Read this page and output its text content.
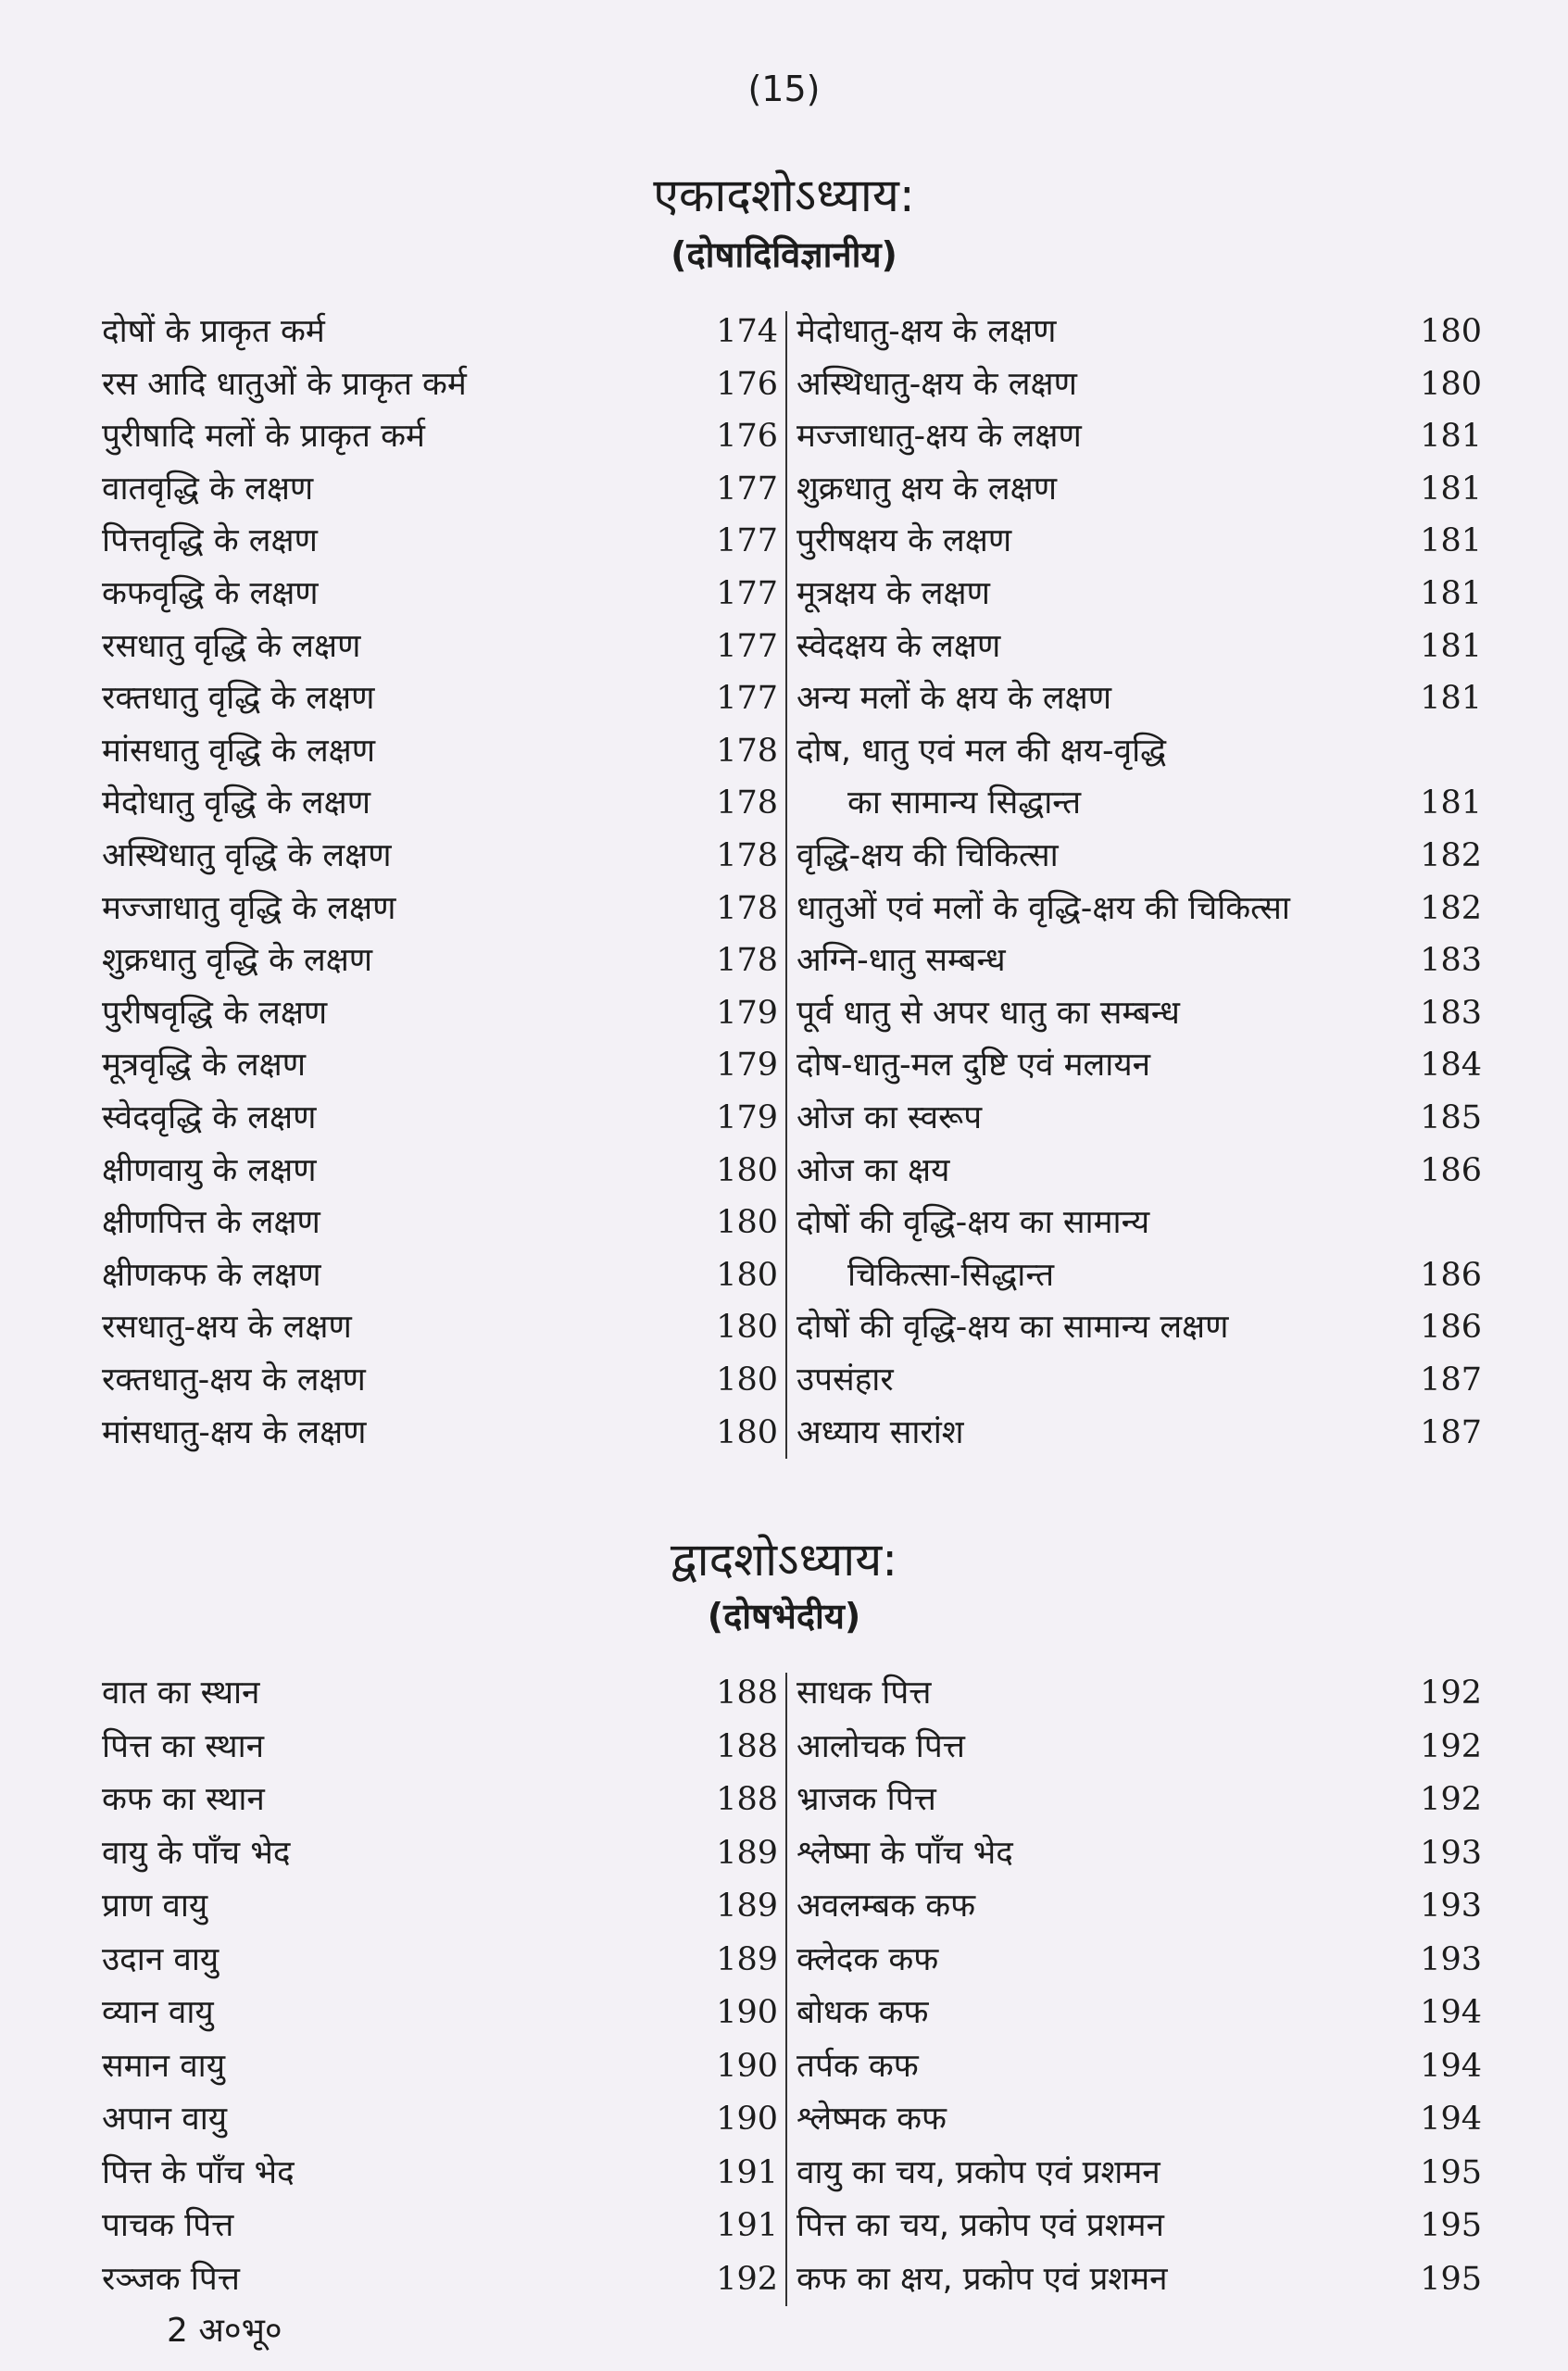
(15)
एकादशोऽध्याय:
(दोषादिविज्ञानीय)
दोषों के प्राकृत कर्म	174 मेदोधातु-क्षय के लक्षण	180
रस आदि धातुओं के प्राकृत कर्म	176 अस्थिधातु-क्षय के लक्षण	180
पुरीषादि मलों के प्राकृत कर्म	176 मज्जाधातु-क्षय के लक्षण	181
वातवृद्धि के लक्षण	177 शुक्रधातु क्षय के लक्षण	181
पित्तवृद्धि के लक्षण	177 पुरीषक्षय के लक्षण	181
कफवृद्धि के लक्षण	177 मूत्रक्षय के लक्षण	181
रसधातु वृद्धि के लक्षण	177 स्वेदक्षय के लक्षण	181
रक्तधातु वृद्धि के लक्षण	177 अन्य मलों के क्षय के लक्षण	181
मांसधातु वृद्धि के लक्षण	178 दोष, धातु एवं मल की क्षय-वृद्धि
मेदोधातु वृद्धि के लक्षण	178	का सामान्य सिद्धान्त	181
अस्थिधातु वृद्धि के लक्षण	178 वृद्धि-क्षय की चिकित्सा	182
मज्जाधातु वृद्धि के लक्षण	178 धातुओं एवं मलों के वृद्धि-क्षय की चिकित्सा	182
शुक्रधातु वृद्धि के लक्षण	178 अग्नि-धातु सम्बन्ध	183
पुरीषवृद्धि के लक्षण	179 पूर्व धातु से अपर धातु का सम्बन्ध	183
मूत्रवृद्धि के लक्षण	179 दोष-धातु-मल दुष्टि एवं मलायन	184
स्वेदवृद्धि के लक्षण	179 ओज का स्वरूप	185
क्षीणवायु के लक्षण	180 ओज का क्षय	186
क्षीणपित्त के लक्षण	180 दोषों की वृद्धि-क्षय का सामान्य
क्षीणकफ के लक्षण	180	चिकित्सा-सिद्धान्त	186
रसधातु-क्षय के लक्षण	180 दोषों की वृद्धि-क्षय का सामान्य लक्षण	186
रक्तधातु-क्षय के लक्षण	180 उपसंहार	187
मांसधातु-क्षय के लक्षण	180 अध्याय सारांश	187
द्वादशोऽध्याय:
(दोषभेदीय)
वात का स्थान	188 साधक पित्त	192
पित्त का स्थान	188 आलोचक पित्त	192
कफ का स्थान	188 भ्राजक पित्त	192
वायु के पाँच भेद	189 श्लेष्मा के पाँच भेद	193
प्राण वायु	189 अवलम्बक कफ	193
उदान वायु	189 क्लेदक कफ	193
व्यान वायु	190 बोधक कफ	194
समान वायु	190 तर्पक कफ	194
अपान वायु	190 श्लेष्मक कफ	194
पित्त के पाँच भेद	191 वायु का चय, प्रकोप एवं प्रशमन	195
पाचक पित्त	191 पित्त का चय, प्रकोप एवं प्रशमन	195
रञ्जक पित्त	192 कफ का क्षय, प्रकोप एवं प्रशमन	195
2 अ०भू०
